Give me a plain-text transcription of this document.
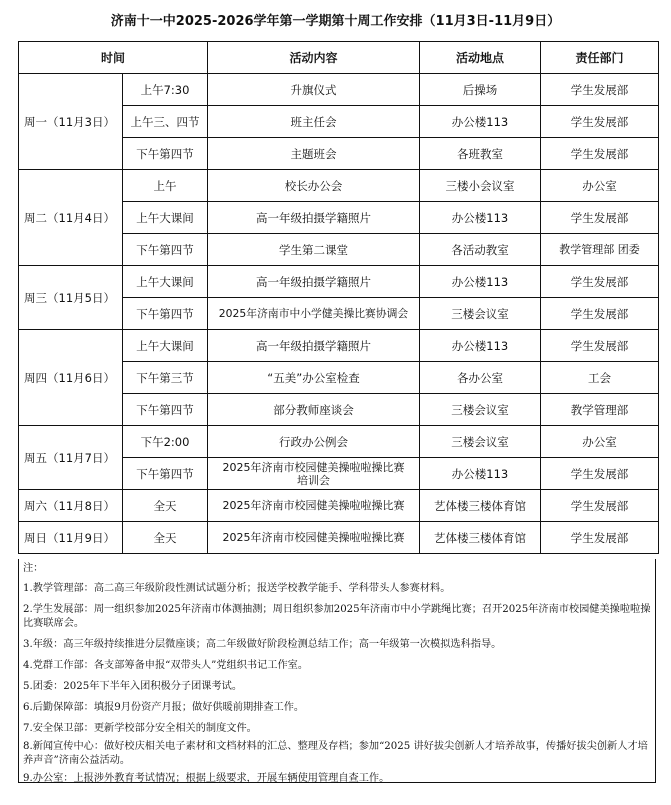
济南十一中2025-2026学年第一学期第十周工作安排（11月3日-11月9日）
时间		活动内容	活动地点	责任部门
周一（11月3日）	上午7:30	升旗仪式	后操场	学生发展部
	上午三、四节	班主任会	办公楼113	学生发展部
	下午第四节	主题班会	各班教室	学生发展部
周二（11月4日）	上午	校长办公会	三楼小会议室	办公室
	上午大课间	高一年级拍摄学籍照片	办公楼113	学生发展部
	下午第四节	学生第二课堂	各活动教室	教学管理部 团委
周三（11月5日）	上午大课间	高一年级拍摄学籍照片	办公楼113	学生发展部
	下午第四节	2025年济南市中小学健美操比赛协调会	三楼会议室	学生发展部
周四（11月6日）	上午大课间	高一年级拍摄学籍照片	办公楼113	学生发展部
	下午第三节	“五美”办公室检查	各办公室	工会
	下午第四节	部分教师座谈会	三楼会议室	教学管理部
周五（11月7日）	下午2:00	行政办公例会	三楼会议室	办公室
	下午第四节	2025年济南市校园健美操啦啦操比赛培训会	办公楼113	学生发展部
周六（11月8日）	全天	2025年济南市校园健美操啦啦操比赛	艺体楼三楼体育馆	学生发展部
周日（11月9日）	全天	2025年济南市校园健美操啦啦操比赛	艺体楼三楼体育馆	学生发展部
注：
1.教学管理部：高二高三年级阶段性测试试题分析；报送学校教学能手、学科带头人参赛材料。
2.学生发展部：周一组织参加2025年济南市体测抽测；周日组织参加2025年济南市中小学跳绳比赛；召开2025年济南市校园健美操啦啦操比赛联席会。
3.年级：高三年级持续推进分层微座谈；高二年级做好阶段检测总结工作；高一年级第一次模拟选科指导。
4.党群工作部：各支部筹备申报“双带头人”党组织书记工作室。
5.团委：2025年下半年入团积极分子团课考试。
6.后勤保障部：填报9月份资产月报；做好供暖前期排查工作。
7.安全保卫部：更新学校部分安全相关的制度文件。
8.新闻宣传中心：做好校庆相关电子素材和文档材料的汇总、整理及存档；参加“2025 讲好拔尖创新人才培养故事，传播好拔尖创新人才培养声音”济南公益活动。
9.办公室：上报涉外教育考试情况；根据上级要求，开展车辆使用管理自查工作。
